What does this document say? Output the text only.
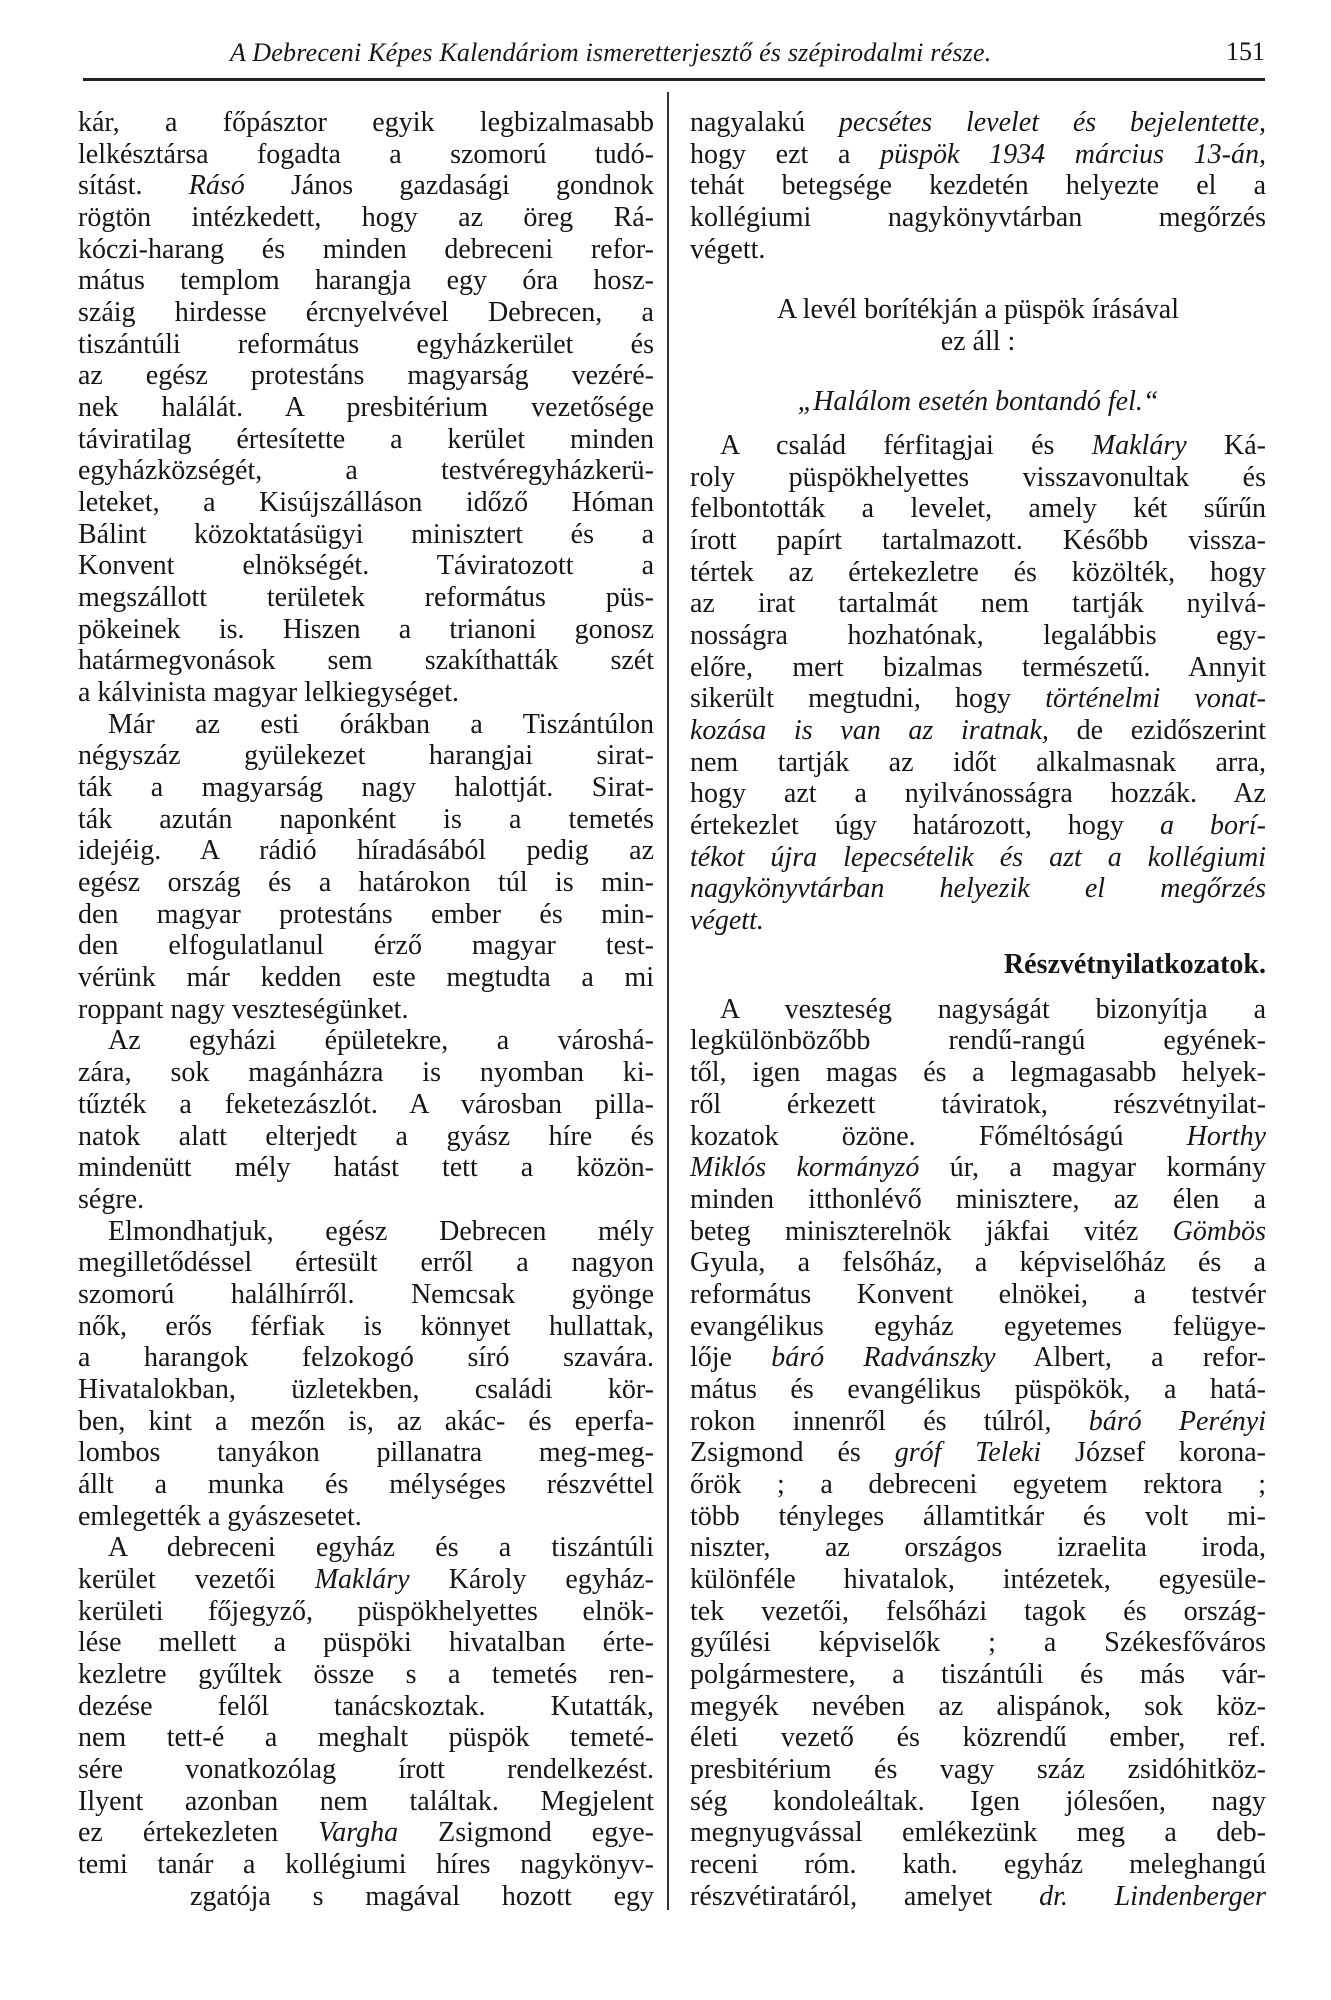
A Debreceni Képes Kalendáriom ismeretterjesztő és szépirodalmi része.	151
kár, a főpásztor egyik legbizalmasabb
lelkésztársa fogadta a szomorú tudó-
sítást. Rásó János gazdasági gondnok
rögtön intézkedett, hogy az öreg Rá-
kóczi-harang és minden debreceni refor-
mátus templom harangja egy óra hosz-
száig hirdesse ércnyelvével Debrecen, a
tiszántúli református egyházkerület és
az egész protestáns magyarság vezéré-
nek halálát. A presbitérium vezetősége
táviratilag értesítette a kerület minden
egyházközségét, a testvéregyházkerü-
leteket, a Kisújszálláson időző Hóman
Bálint közoktatásügyi minisztert és a
Konvent elnökségét. Táviratozott a
megszállott területek református püs-
pökeinek is. Hiszen a trianoni gonosz
határmegvonások sem szakíthatták szét
a kálvinista magyar lelkiegységet.
Már az esti órákban a Tiszántúlon
négyszáz gyülekezet harangjai sirat-
ták a magyarság nagy halottját. Sirat-
ták azután naponként is a temetés
idejéig. A rádió híradásából pedig az
egész ország és a határokon túl is min-
den magyar protestáns ember és min-
den elfogulatlanul érző magyar test-
vérünk már kedden este megtudta a mi
roppant nagy veszteségünket.
Az egyházi épületekre, a városhá-
zára, sok magánházra is nyomban ki-
tűzték a feketezászlót. A városban pilla-
natok alatt elterjedt a gyász híre és
mindenütt mély hatást tett a közön-
ségre.
Elmondhatjuk, egész Debrecen mély
megilletődéssel értesült erről a nagyon
szomorú halálhírről. Nemcsak gyönge
nők, erős férfiak is könnyet hullattak,
a harangok felzokogó síró szavára.
Hivatalokban, üzletekben, családi kör-
ben, kint a mezőn is, az akác- és eperfa-
lombos tanyákon pillanatra meg-meg-
állt a munka és mélységes részvéttel
emlegették a gyászesetet.
A debreceni egyház és a tiszántúli
kerület vezetői Makláry Károly egyház-
kerületi főjegyző, püspökhelyettes elnök-
lése mellett a püspöki hivatalban érte-
kezletre gyűltek össze s a temetés ren-
dezése felől tanácskoztak. Kutatták,
nem tett-é a meghalt püspök temeté-
sére vonatkozólag írott rendelkezést.
Ilyent azonban nem találtak. Megjelent
ez értekezleten Vargha Zsigmond egye-
temi tanár a kollégiumi híres nagykönyv-
zgatója s magával hozott egy
nagyalakú pecsétes levelet és bejelentette,
hogy ezt a püspök 1934 március 13-án,
tehát betegsége kezdetén helyezte el a
kollégiumi nagykönyvtárban megőrzés
végett.
A levél borítékján a püspök írásával
ez áll :
„Halálom esetén bontandó fel.“
A család férfitagjai és Makláry Ká-
roly püspökhelyettes visszavonultak és
felbontották a levelet, amely két sűrűn
írott papírt tartalmazott. Később vissza-
tértek az értekezletre és közölték, hogy
az irat tartalmát nem tartják nyilvá-
nosságra hozhatónak, legalábbis egy-
előre, mert bizalmas természetű. Annyit
sikerült megtudni, hogy történelmi vonat-
kozása is van az iratnak, de ezidőszerint
nem tartják az időt alkalmasnak arra,
hogy azt a nyilvánosságra hozzák. Az
értekezlet úgy határozott, hogy a borí-
tékot újra lepecsételik és azt a kollégiumi
nagykönyvtárban helyezik el megőrzés
végett.
Részvétnyilatkozatok.
A veszteség nagyságát bizonyítja a
legkülönbözőbb rendű-rangú egyének-
től, igen magas és a legmagasabb helyek-
ről érkezett táviratok, részvétnyilat-
kozatok özöne. Főméltóságú Horthy
Miklós kormányzó úr, a magyar kormány
minden itthonlévő minisztere, az élen a
beteg miniszterelnök jákfai vitéz Gömbös
Gyula, a felsőház, a képviselőház és a
református Konvent elnökei, a testvér
evangélikus egyház egyetemes felügye-
lője báró Radvánszky Albert, a refor-
mátus és evangélikus püspökök, a hatá-
rokon innenről és túlról, báró Perényi
Zsigmond és gróf Teleki József korona-
őrök ; a debreceni egyetem rektora ;
több tényleges államtitkár és volt mi-
niszter, az országos izraelita iroda,
különféle hivatalok, intézetek, egyesüle-
tek vezetői, felsőházi tagok és ország-
gyűlési képviselők ; a Székesfőváros
polgármestere, a tiszántúli és más vár-
megyék nevében az alispánok, sok köz-
életi vezető és közrendű ember, ref.
presbitérium és vagy száz zsidóhitköz-
ség kondoleáltak. Igen jólesően, nagy
megnyugvással emlékezünk meg a deb-
receni róm. kath. egyház meleghangú
részvétiratáról, amelyet dr. Lindenberger
